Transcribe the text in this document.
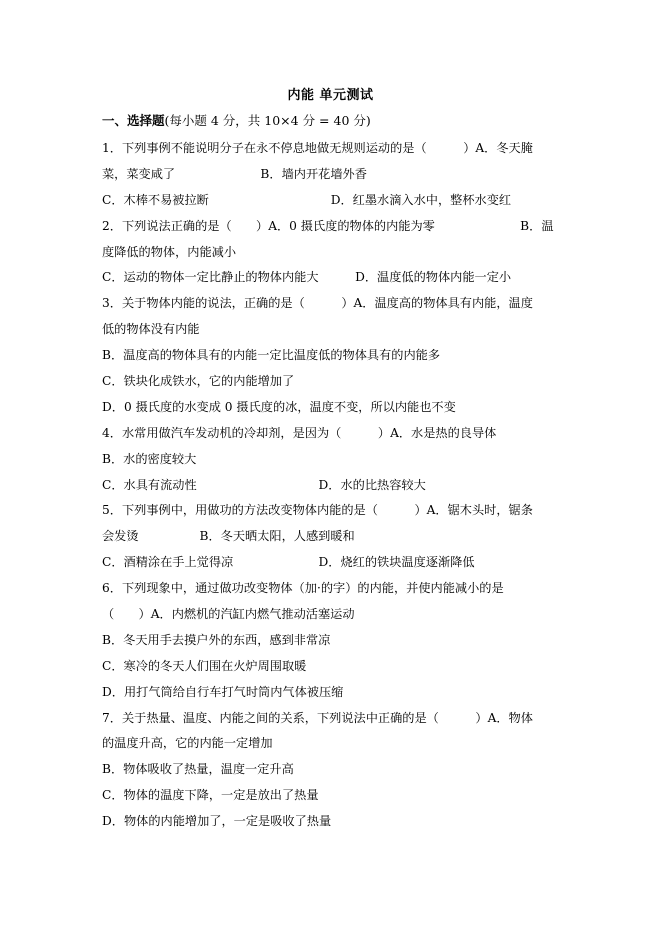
内能 单元测试
一、选择题(每小题 4 分，共 10×4 分 = 40 分)
1．下列事例不能说明分子在永不停息地做无规则运动的是（　　　）A．冬天腌
菜，菜变咸了　　　　　　　B．墙内开花墙外香
C．木棒不易被拉断　　　　　　　　　　D．红墨水滴入水中，整杯水变红
2．下列说法正确的是（　　）A．0 摄氏度的物体的内能为零　　　　　　　B．温
度降低的物体，内能减小
C．运动的物体一定比静止的物体内能大　　　D．温度低的物体内能一定小
3．关于物体内能的说法，正确的是（　　　）A．温度高的物体具有内能，温度
低的物体没有内能
B．温度高的物体具有的内能一定比温度低的物体具有的内能多
C．铁块化成铁水，它的内能增加了
D．0 摄氏度的水变成 0 摄氏度的冰，温度不变，所以内能也不变
4．水常用做汽车发动机的冷却剂，是因为（　　　）A．水是热的良导体
B．水的密度较大
C．水具有流动性　　　　　　　　　　D．水的比热容较大
5．下列事例中，用做功的方法改变物体内能的是（　　　）A．锯木头时，锯条
会发烫　　　　　B．冬天晒太阳，人感到暖和
C．酒精涂在手上觉得凉　　　　　　　D．烧红的铁块温度逐渐降低
6．下列现象中，通过做功改变物体（加·的字）的内能，并使内能减小的是
（　　）A．内燃机的汽缸内燃气推动活塞运动
B．冬天用手去摸户外的东西，感到非常凉
C．寒冷的冬天人们围在火炉周围取暖
D．用打气筒给自行车打气时筒内气体被压缩
7．关于热量、温度、内能之间的关系，下列说法中正确的是（　　　）A．物体
的温度升高，它的内能一定增加
B．物体吸收了热量，温度一定升高
C．物体的温度下降，一定是放出了热量
D．物体的内能增加了，一定是吸收了热量
